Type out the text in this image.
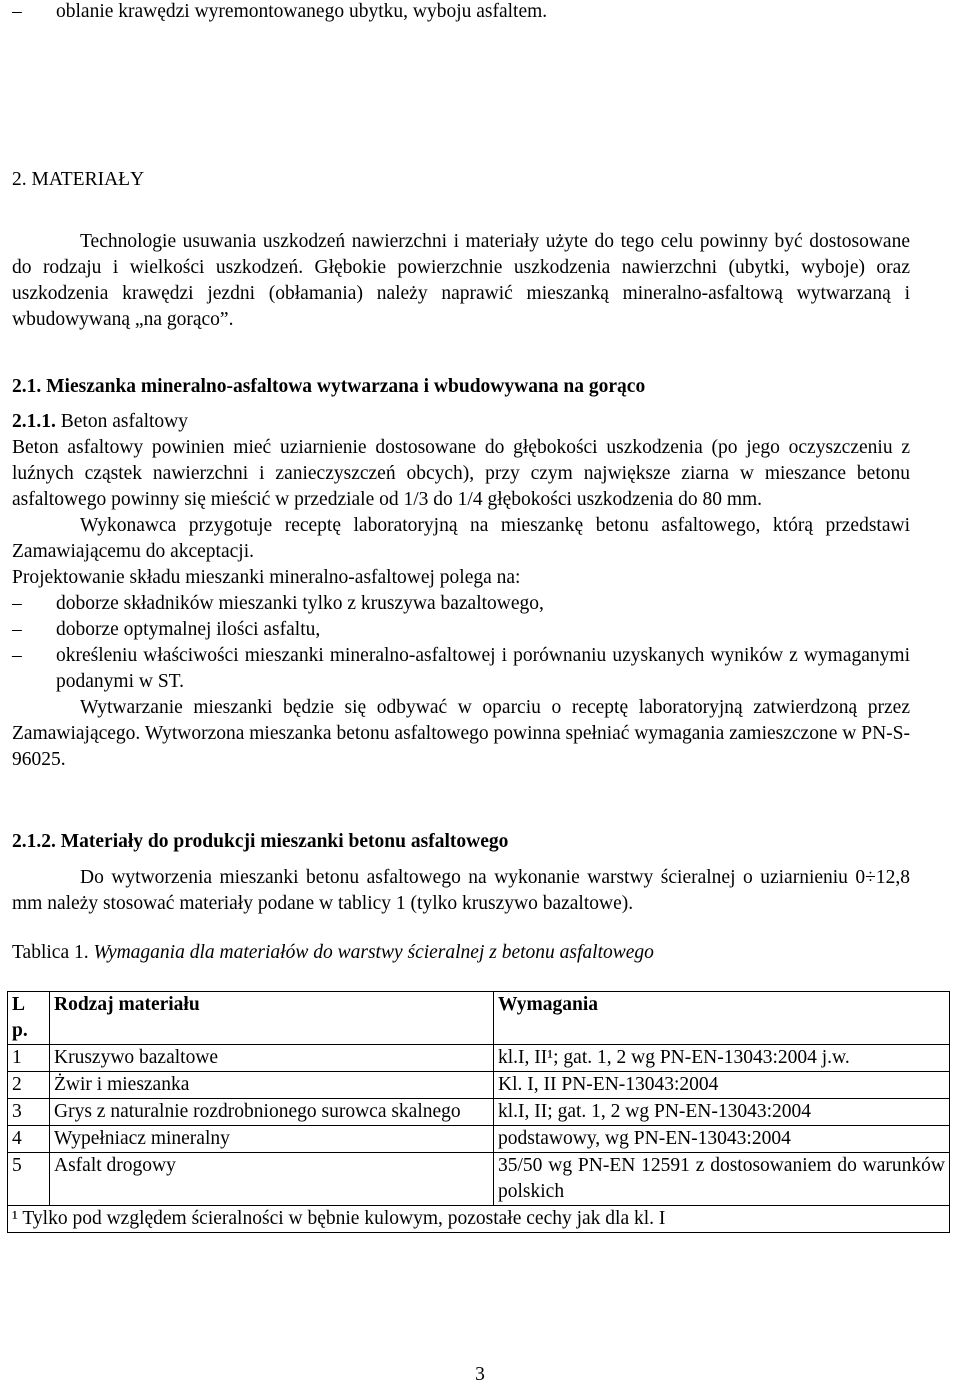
–	oblanie krawędzi wyremontowanego ubytku, wyboju asfaltem.
2. MATERIAŁY

Technologie usuwania uszkodzeń nawierzchni i materiały użyte do tego celu powinny być dostosowane do rodzaju i wielkości uszkodzeń. Głębokie powierzchnie uszkodzenia nawierzchni (ubytki, wyboje) oraz uszkodzenia krawędzi jezdni (obłamania) należy naprawić mieszanką mineralno-asfaltową wytwarzaną i wbudowywaną „na gorąco”.

2.1. Mieszanka mineralno-asfaltowa wytwarzana i wbudowywana na gorąco

2.1.1. Beton asfaltowy

Beton asfaltowy powinien mieć uziarnienie dostosowane do głębokości uszkodzenia (po jego oczyszczeniu z luźnych cząstek nawierzchni i zanieczyszczeń obcych), przy czym największe ziarna w mieszance betonu asfaltowego powinny się mieścić w przedziale od 1/3 do 1/4 głębokości uszkodzenia do 80 mm.

Wykonawca przygotuje receptę laboratoryjną na mieszankę betonu asfaltowego, którą przedstawi Zamawiającemu do akceptacji.

Projektowanie składu mieszanki mineralno-asfaltowej polega na:

–	doborze składników mieszanki tylko z kruszywa bazaltowego,
–	doborze optymalnej ilości asfaltu,
–	określeniu właściwości mieszanki mineralno-asfaltowej i porównaniu uzyskanych wyników z wymaganymi podanymi w ST.

Wytwarzanie mieszanki będzie się odbywać w oparciu o receptę laboratoryjną zatwierdzoną przez Zamawiającego. Wytworzona mieszanka betonu asfaltowego powinna spełniać wymagania zamieszczone w PN-S-96025.

2.1.2. Materiały do produkcji mieszanki betonu asfaltowego

Do wytworzenia mieszanki betonu asfaltowego na wykonanie warstwy ścieralnej o uziarnieniu 0÷12,8 mm należy stosować materiały podane w tablicy 1 (tylko kruszywo bazaltowe).

Tablica 1. Wymagania dla materiałów do warstwy ścieralnej z betonu asfaltowego

Lp.	Rodzaj materiału	Wymagania
1	Kruszywo bazaltowe	kl.I, II¹; gat. 1, 2 wg PN-EN-13043:2004 j.w.
2	Żwir i mieszanka	Kl. I, II PN-EN-13043:2004
3	Grys z naturalnie rozdrobnionego surowca skalnego	kl.I, II; gat. 1, 2 wg PN-EN-13043:2004
4	Wypełniacz mineralny	podstawowy, wg PN-EN-13043:2004
5	Asfalt drogowy	35/50 wg PN-EN 12591 z dostosowaniem do warunków polskich
¹ Tylko pod względem ścieralności w bębnie kulowym, pozostałe cechy jak dla kl. I		
3
